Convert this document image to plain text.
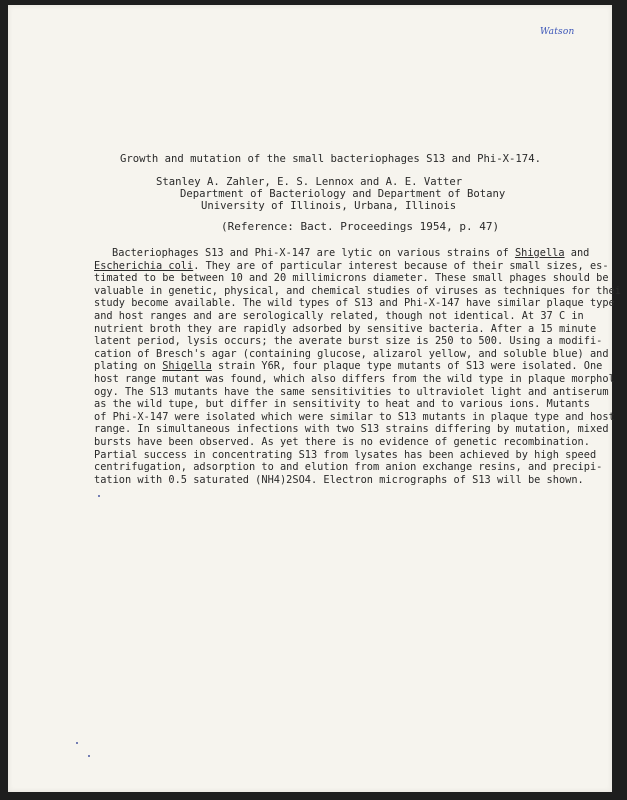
Watson
Growth and mutation of the small bacteriophages S13 and Phi-X-174.
Stanley A. Zahler, E. S. Lennox and A. E. Vatter
Department of Bacteriology and Department of Botany
University of Illinois, Urbana, Illinois
(Reference: Bact. Proceedings 1954, p. 47)
Bacteriophages S13 and Phi-X-147 are lytic on various strains of Shigella and
Escherichia coli. They are of particular interest because of their small sizes, es-
timated to be between 10 and 20 millimicrons diameter. These small phages should be
valuable in genetic, physical, and chemical studies of viruses as techniques for thei
study become available. The wild types of S13 and Phi-X-147 have similar plaque type
and host ranges and are serologically related, though not identical. At 37 C in
nutrient broth they are rapidly adsorbed by sensitive bacteria. After a 15 minute
latent period, lysis occurs; the averate burst size is 250 to 500. Using a modifi-
cation of Bresch's agar (containing glucose, alizarol yellow, and soluble blue) and
plating on Shigella strain Y6R, four plaque type mutants of S13 were isolated. One
host range mutant was found, which also differs from the wild type in plaque morphol
ogy. The S13 mutants have the same sensitivities to ultraviolet light and antiserum
as the wild tupe, but differ in sensitivity to heat and to various ions. Mutants
of Phi-X-147 were isolated which were similar to S13 mutants in plaque type and host
range. In simultaneous infections with two S13 strains differing by mutation, mixed
bursts have been observed. As yet there is no evidence of genetic recombination.
Partial success in concentrating S13 from lysates has been achieved by high speed
centrifugation, adsorption to and elution from anion exchange resins, and precipi-
tation with 0.5 saturated (NH4)2SO4. Electron micrographs of S13 will be shown.
